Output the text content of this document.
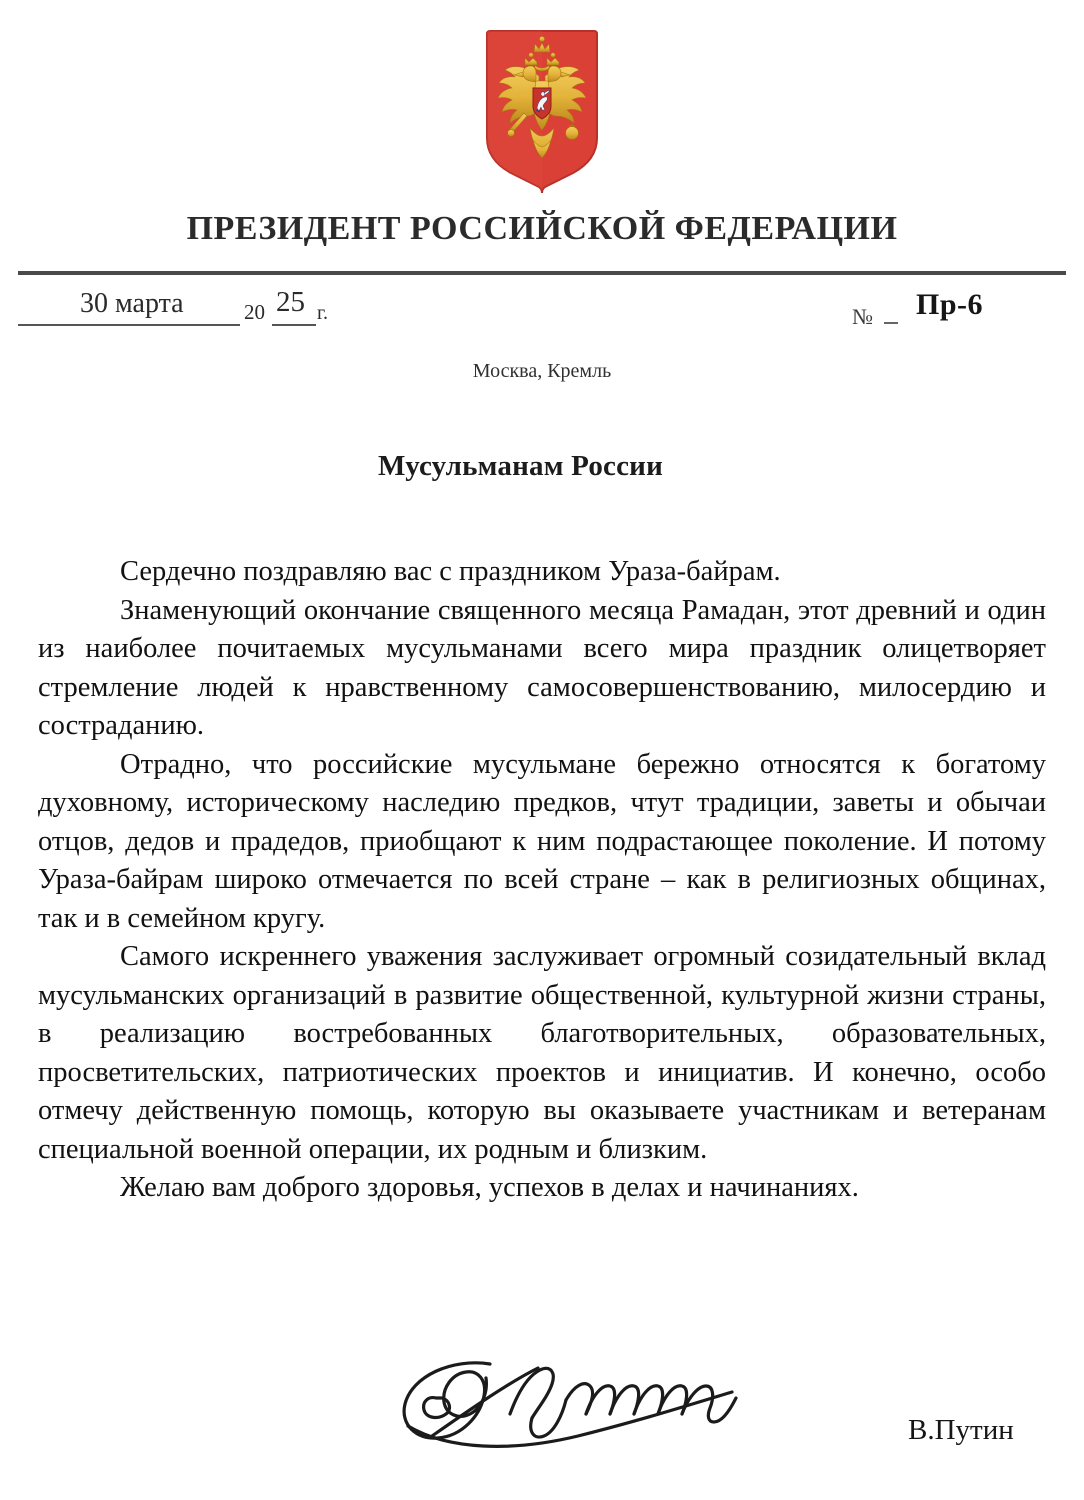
ПРЕЗИДЕНТ РОССИЙСКОЙ ФЕДЕРАЦИИ
30 марта	20 25 г.	№ Пр-6
Москва, Кремль
Мусульманам России

Сердечно поздравляю вас с праздником Ураза-байрам.

Знаменующий окончание священного месяца Рамадан, этот древний и один из наиболее почитаемых мусульманами всего мира праздник олицетворяет стремление людей к нравственному самосовершенствованию, милосердию и состраданию.

Отрадно, что российские мусульмане бережно относятся к богатому духовному, историческому наследию предков, чтут традиции, заветы и обычаи отцов, дедов и прадедов, приобщают к ним подрастающее поколение. И потому Ураза-байрам широко отмечается по всей стране – как в религиозных общинах, так и в семейном кругу.

Самого искреннего уважения заслуживает огромный созидательный вклад мусульманских организаций в развитие общественной, культурной жизни страны, в реализацию востребованных благотворительных, образовательных, просветительских, патриотических проектов и инициатив. И конечно, особо отмечу действенную помощь, которую вы оказываете участникам и ветеранам специальной военной операции, их родным и близким.

Желаю вам доброго здоровья, успехов в делах и начинаниях.

В.Путин
